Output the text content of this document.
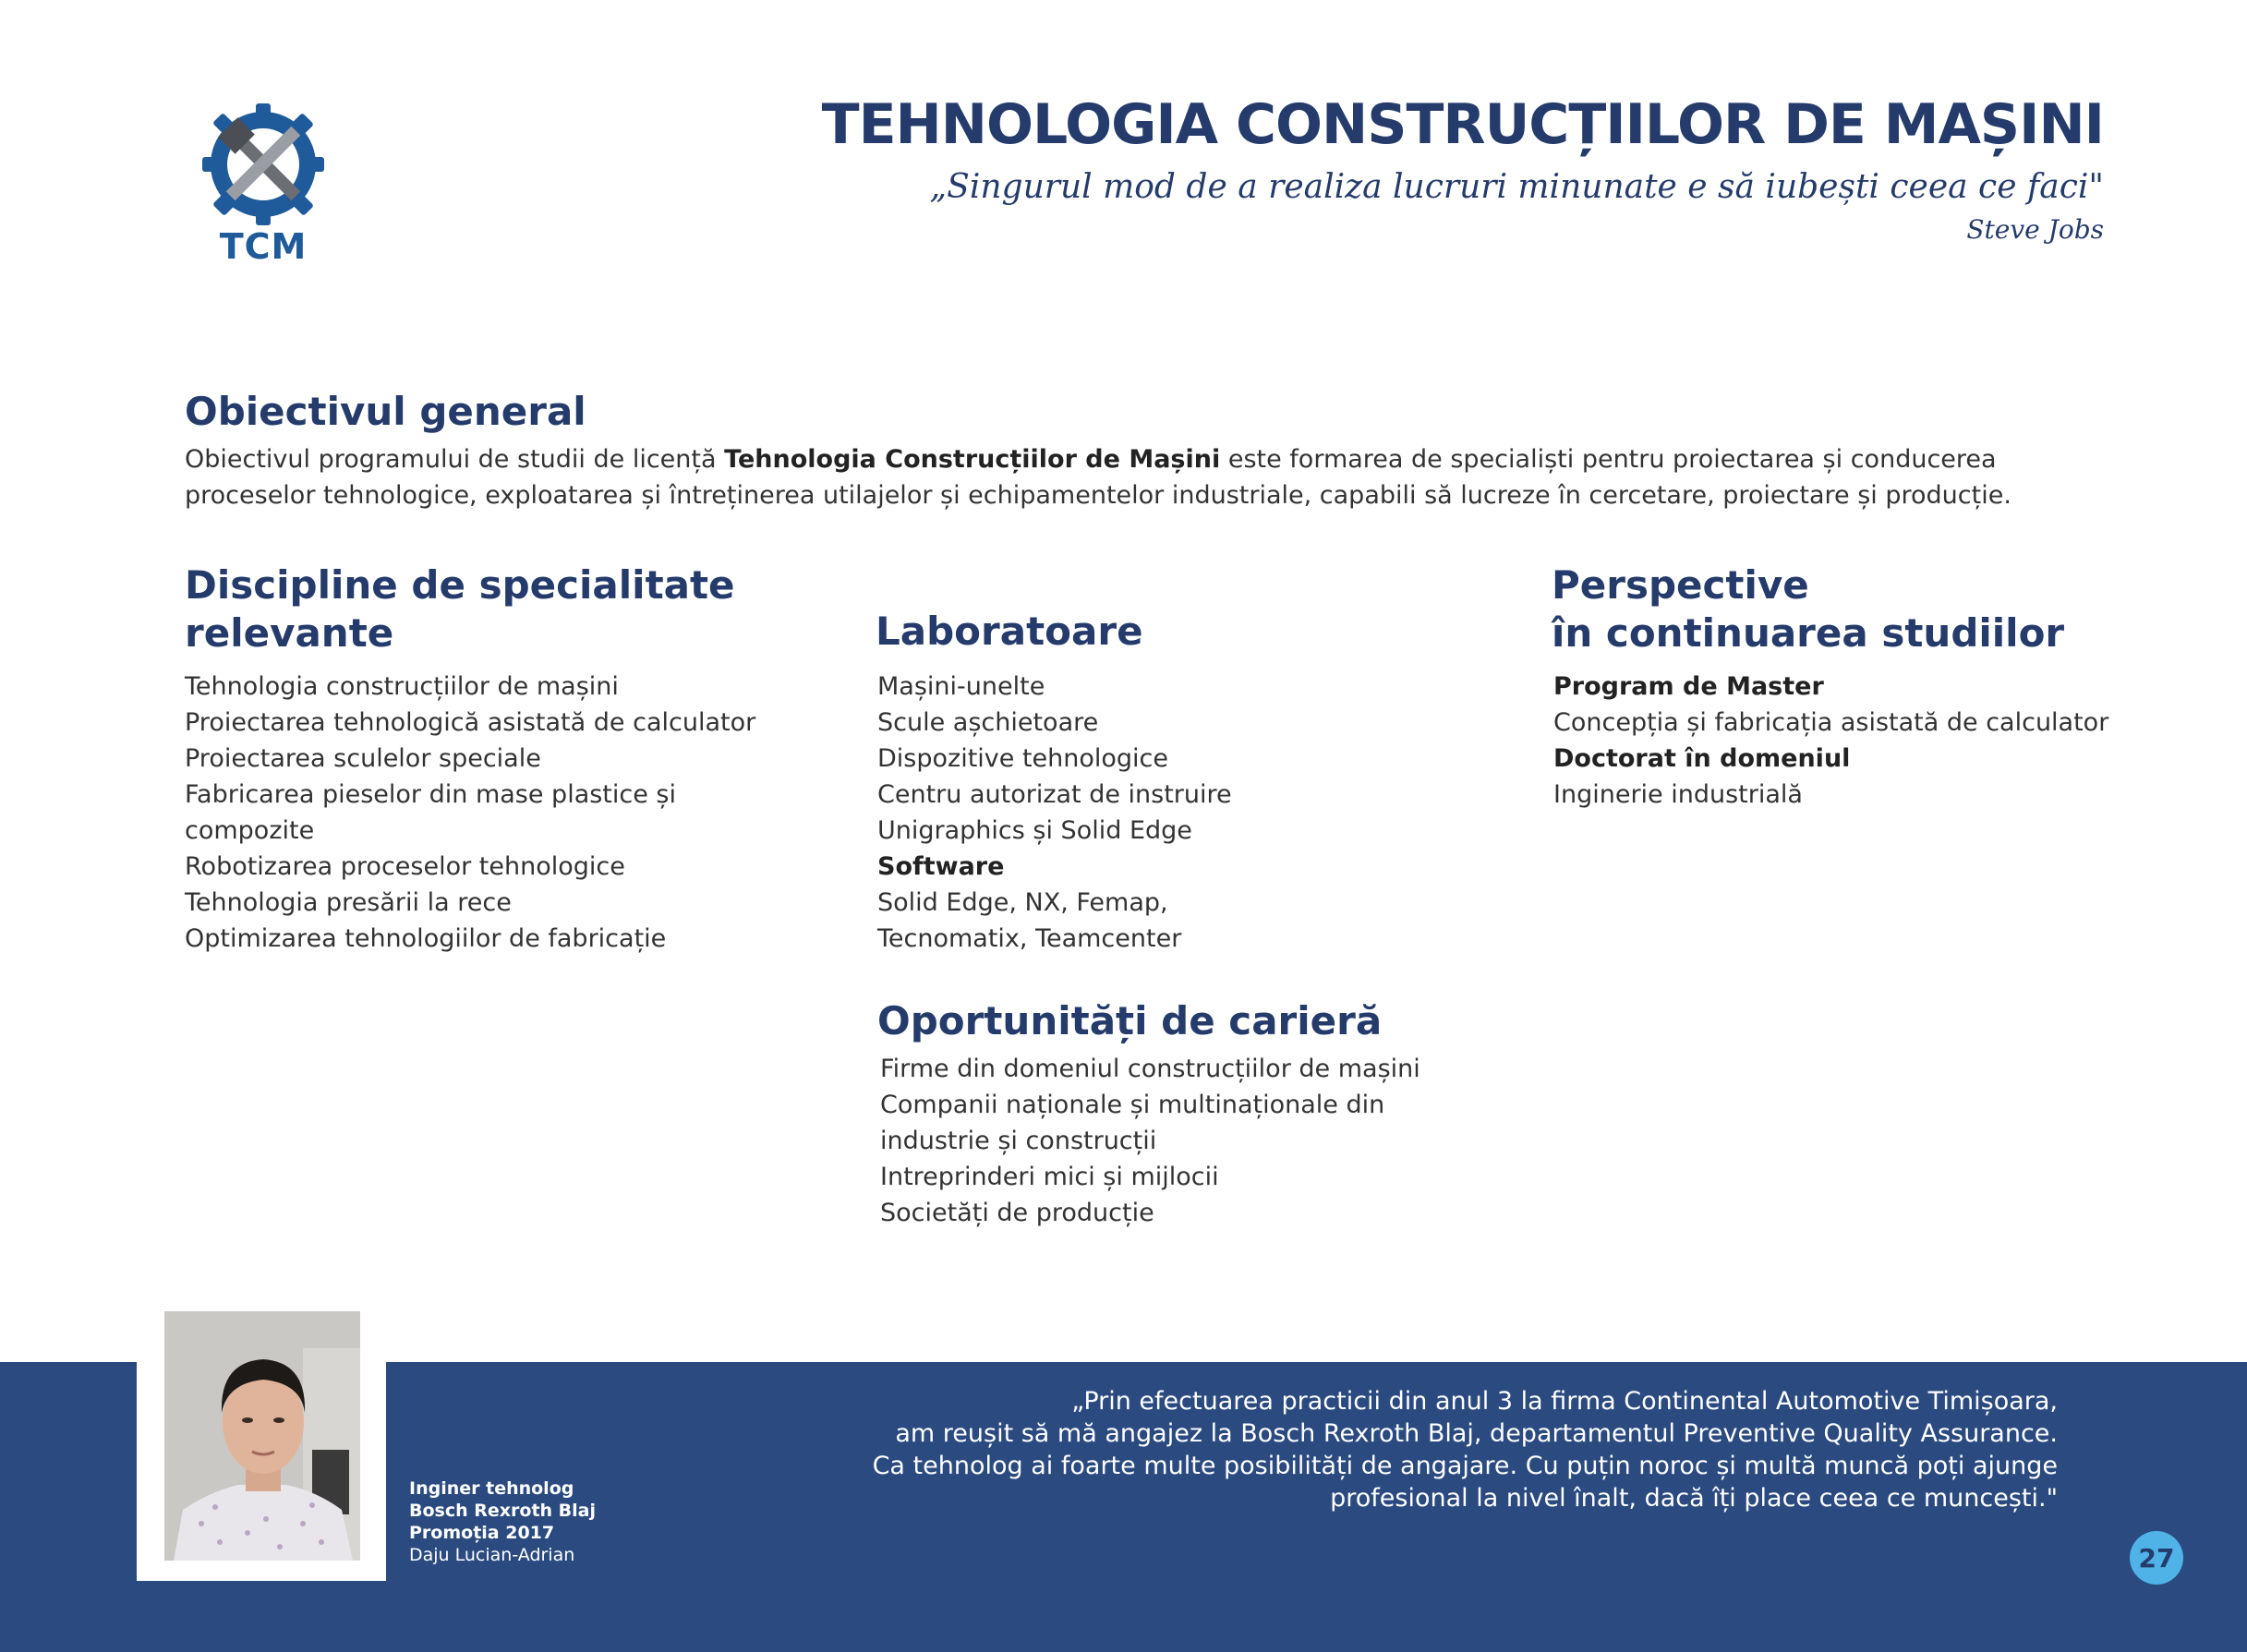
TCM
TEHNOLOGIA CONSTRUCȚIILOR DE MAȘINI
„Singurul mod de a realiza lucruri minunate e să iubești ceea ce faci"
Steve Jobs
Obiectivul general
Obiectivul programului de studii de licență Tehnologia Construcțiilor de Mașini este formarea de specialiști pentru proiectarea și conducerea proceselor tehnologice, exploatarea și întreținerea utilajelor și echipamentelor industriale, capabili să lucreze în cercetare, proiectare și producție.
Discipline de specialitate
relevante
Tehnologia construcțiilor de mașini
Proiectarea tehnologică asistată de calculator
Proiectarea sculelor speciale
Fabricarea pieselor din mase plastice și
compozite
Robotizarea proceselor tehnologice
Tehnologia presării la rece
Optimizarea tehnologiilor de fabricație
Laboratoare
Mașini-unelte
Scule așchietoare
Dispozitive tehnologice
Centru autorizat de instruire
Unigraphics și Solid Edge
Software
Solid Edge, NX, Femap,
Tecnomatix, Teamcenter
Oportunități de carieră
Firme din domeniul construcțiilor de mașini
Companii naționale și multinaționale din
industrie și construcții
Intreprinderi mici și mijlocii
Societăți de producție
Perspective
în continuarea studiilor
Program de Master
Concepția și fabricația asistată de calculator
Doctorat în domeniul
Inginerie industrială
Inginer tehnolog
Bosch Rexroth Blaj
Promoția 2017
Daju Lucian-Adrian
„Prin efectuarea practicii din anul 3 la firma Continental Automotive Timișoara,
am reușit să mă angajez la Bosch Rexroth Blaj, departamentul Preventive Quality Assurance.
Ca tehnolog ai foarte multe posibilități de angajare. Cu puțin noroc și multă muncă poți ajunge
profesional la nivel înalt, dacă îți place ceea ce muncești."
27
